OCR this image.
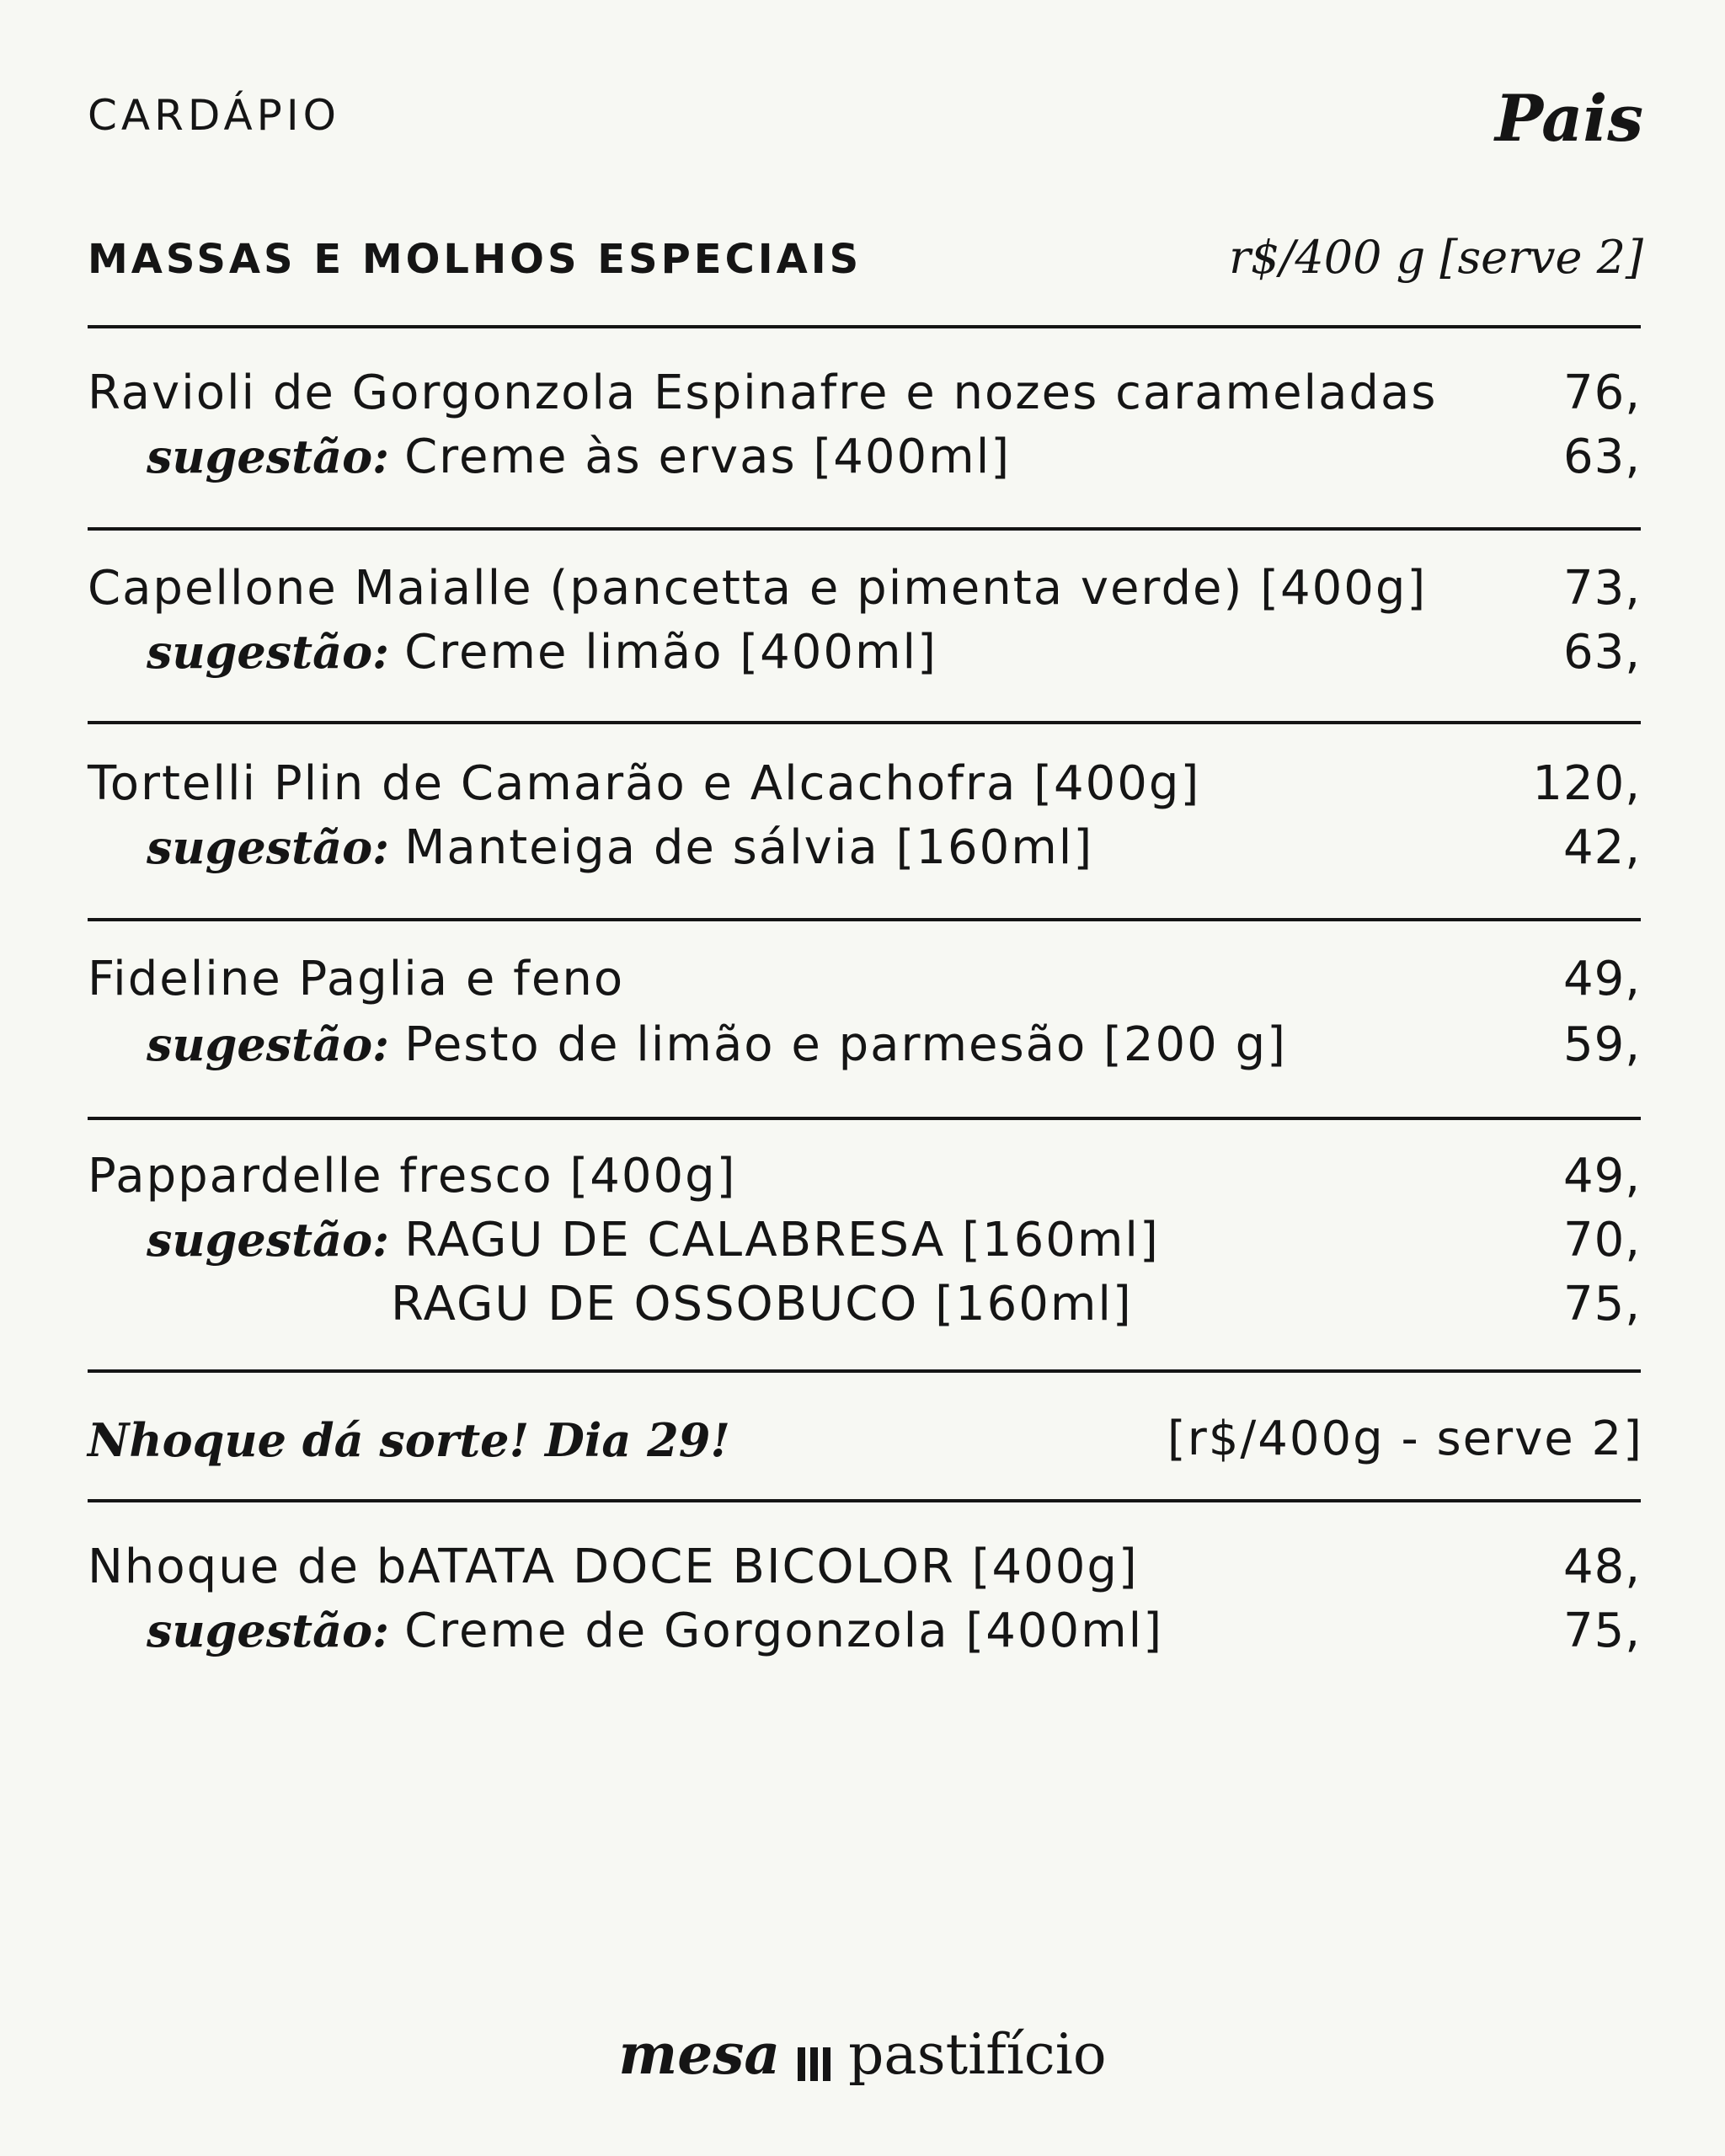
CARDÁPIO	Pais
MASSAS E MOLHOS ESPECIAIS	r$/400 g [serve 2]
Ravioli de Gorgonzola Espinafre e nozes carameladas	76,
sugestão: Creme às ervas [400ml]	63,
Capellone Maialle (pancetta e pimenta verde) [400g]	73,
sugestão: Creme limão [400ml]	63,
Tortelli Plin de Camarão e Alcachofra [400g]	120,
sugestão: Manteiga de sálvia [160ml]	42,
Fideline Paglia e feno	49,
sugestão: Pesto de limão e parmesão [200 g]	59,
Pappardelle fresco [400g]	49,
sugestão: RAGU DE CALABRESA [160ml]	70,
RAGU DE OSSOBUCO [160ml]	75,
Nhoque dá sorte! Dia 29!	[r$/400g - serve 2]
Nhoque de bATATA DOCE BICOLOR [400g]	48,
sugestão: Creme de Gorgonzola [400ml]	75,
mesa pastifício
